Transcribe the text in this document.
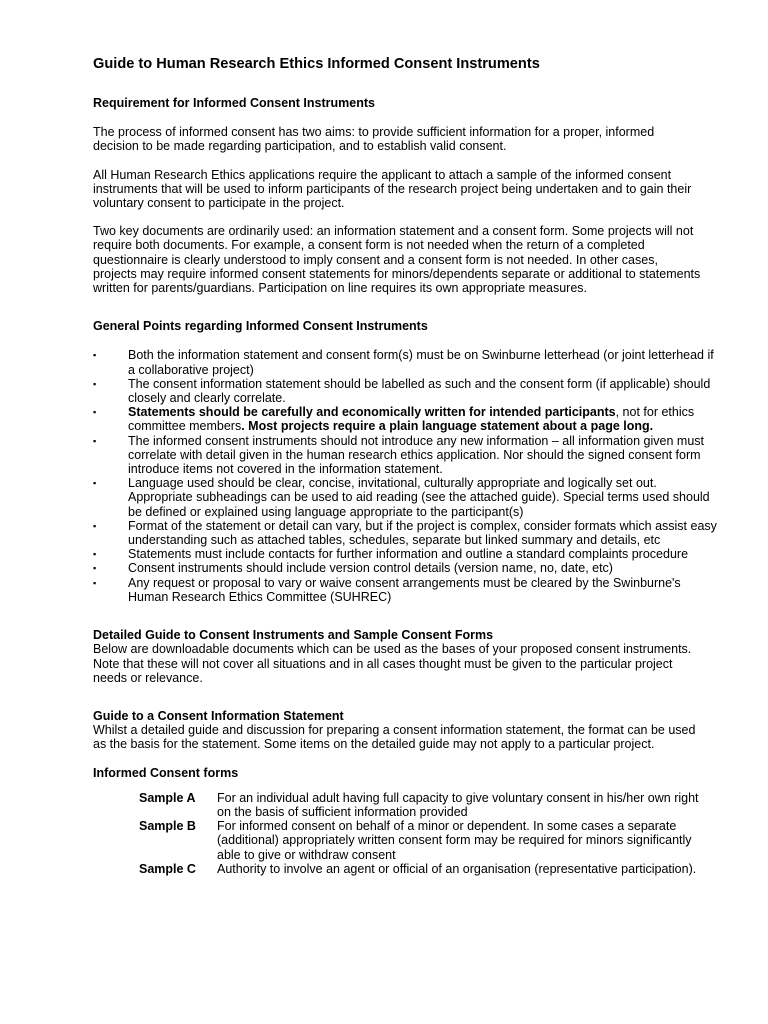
Guide to Human Research Ethics Informed Consent Instruments
Requirement for Informed Consent Instruments

The process of informed consent has two aims: to provide sufficient information for a proper, informed decision to be made regarding participation, and to establish valid consent.

All Human Research Ethics applications require the applicant to attach a sample of the informed consent instruments that will be used to inform participants of the research project being undertaken and to gain their voluntary consent to participate in the project.

Two key documents are ordinarily used: an information statement and a consent form. Some projects will not require both documents. For example, a consent form is not needed when the return of a completed questionnaire is clearly understood to imply consent and a consent form is not needed. In other cases, projects may require informed consent statements for minors/dependents separate or additional to statements written for parents/guardians. Participation on line requires its own appropriate measures.

General Points regarding Informed Consent Instruments
▪	Both the information statement and consent form(s) must be on Swinburne letterhead (or joint letterhead if a collaborative project)
▪	The consent information statement should be labelled as such and the consent form (if applicable) should closely and clearly correlate.
▪	Statements should be carefully and economically written for intended participants, not for ethics committee members. Most projects require a plain language statement about a page long.
▪	The informed consent instruments should not introduce any new information – all information given must correlate with detail given in the human research ethics application. Nor should the signed consent form introduce items not covered in the information statement.
▪	Language used should be clear, concise, invitational, culturally appropriate and logically set out. Appropriate subheadings can be used to aid reading (see the attached guide). Special terms used should be defined or explained using language appropriate to the participant(s)
▪	Format of the statement or detail can vary, but if the project is complex, consider formats which assist easy understanding such as attached tables, schedules, separate but linked summary and details, etc
▪	Statements must include contacts for further information and outline a standard complaints procedure
▪	Consent instruments should include version control details (version name, no, date, etc)
▪	Any request or proposal to vary or waive consent arrangements must be cleared by the Swinburne's Human Research Ethics Committee (SUHREC)
Detailed Guide to Consent Instruments and Sample Consent Forms

Below are downloadable documents which can be used as the bases of your proposed consent instruments. Note that these will not cover all situations and in all cases thought must be given to the particular project needs or relevance.

Guide to a Consent Information Statement

Whilst a detailed guide and discussion for preparing a consent information statement, the format can be used as the basis for the statement. Some items on the detailed guide may not apply to a particular project.

Informed Consent forms
Sample A	For an individual adult having full capacity to give voluntary consent in his/her own right on the basis of sufficient information provided
Sample B	For informed consent on behalf of a minor or dependent. In some cases a separate (additional) appropriately written consent form may be required for minors significantly able to give or withdraw consent
Sample C	Authority to involve an agent or official of an organisation (representative participation).
